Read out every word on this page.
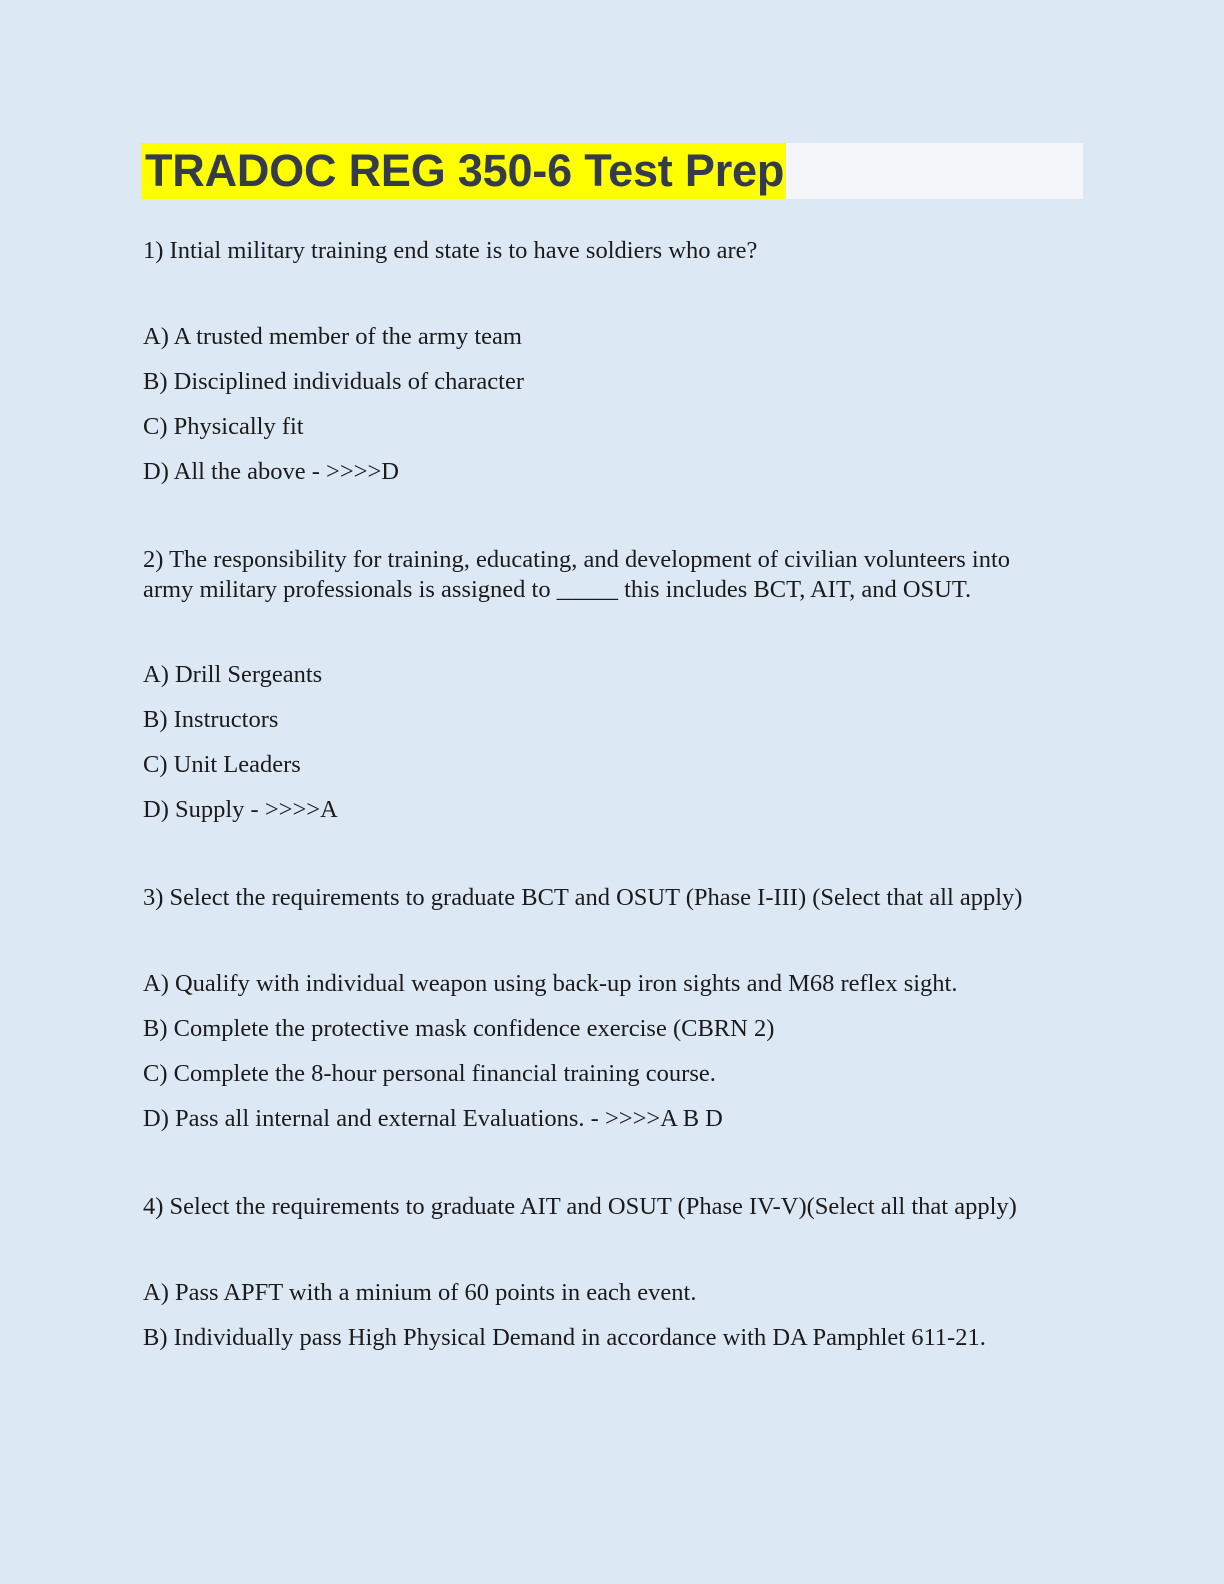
TRADOC REG 350-6 Test Prep

1) Intial military training end state is to have soldiers who are?

A) A trusted member of the army team
B) Disciplined individuals of character
C) Physically fit
D) All the above - >>>>D

2) The responsibility for training, educating, and development of civilian volunteers into army military professionals is assigned to _____ this includes BCT, AIT, and OSUT.

A) Drill Sergeants
B) Instructors
C) Unit Leaders
D) Supply - >>>>A

3) Select the requirements to graduate BCT and OSUT (Phase I-III) (Select that all apply)

A) Qualify with individual weapon using back-up iron sights and M68 reflex sight.
B) Complete the protective mask confidence exercise (CBRN 2)
C) Complete the 8-hour personal financial training course.
D) Pass all internal and external Evaluations. - >>>>A B D

4) Select the requirements to graduate AIT and OSUT (Phase IV-V)(Select all that apply)

A) Pass APFT with a minium of 60 points in each event.
B) Individually pass High Physical Demand in accordance with DA Pamphlet 611-21.
